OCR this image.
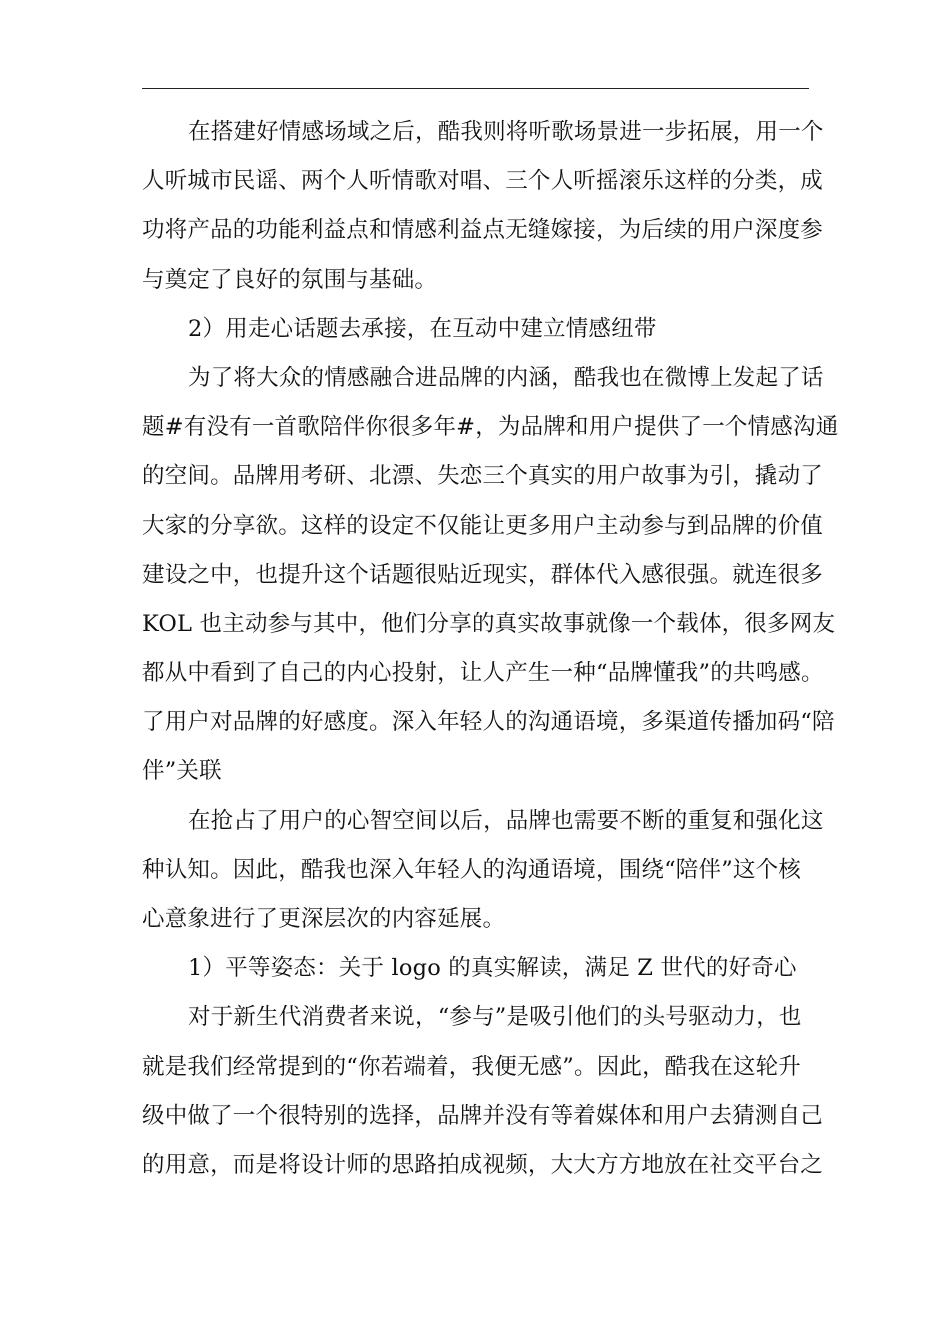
在搭建好情感场域之后，酷我则将听歌场景进一步拓展，用一个
人听城市民谣、两个人听情歌对唱、三个人听摇滚乐这样的分类，成
功将产品的功能利益点和情感利益点无缝嫁接，为后续的用户深度参
与奠定了良好的氛围与基础。
2）用走心话题去承接，在互动中建立情感纽带
为了将大众的情感融合进品牌的内涵，酷我也在微博上发起了话
题#有没有一首歌陪伴你很多年#，为品牌和用户提供了一个情感沟通
的空间。品牌用考研、北漂、失恋三个真实的用户故事为引，撬动了
大家的分享欲。这样的设定不仅能让更多用户主动参与到品牌的价值
建设之中，也提升这个话题很贴近现实，群体代入感很强。就连很多
KOL 也主动参与其中，他们分享的真实故事就像一个载体，很多网友
都从中看到了自己的内心投射，让人产生一种“品牌懂我”的共鸣感。
了用户对品牌的好感度。深入年轻人的沟通语境，多渠道传播加码“陪
伴”关联
在抢占了用户的心智空间以后，品牌也需要不断的重复和强化这
种认知。因此，酷我也深入年轻人的沟通语境，围绕“陪伴”这个核
心意象进行了更深层次的内容延展。
1）平等姿态：关于 logo 的真实解读，满足 Z 世代的好奇心
对于新生代消费者来说，“参与”是吸引他们的头号驱动力，也
就是我们经常提到的“你若端着，我便无感”。因此，酷我在这轮升
级中做了一个很特别的选择，品牌并没有等着媒体和用户去猜测自己
的用意，而是将设计师的思路拍成视频，大大方方地放在社交平台之
